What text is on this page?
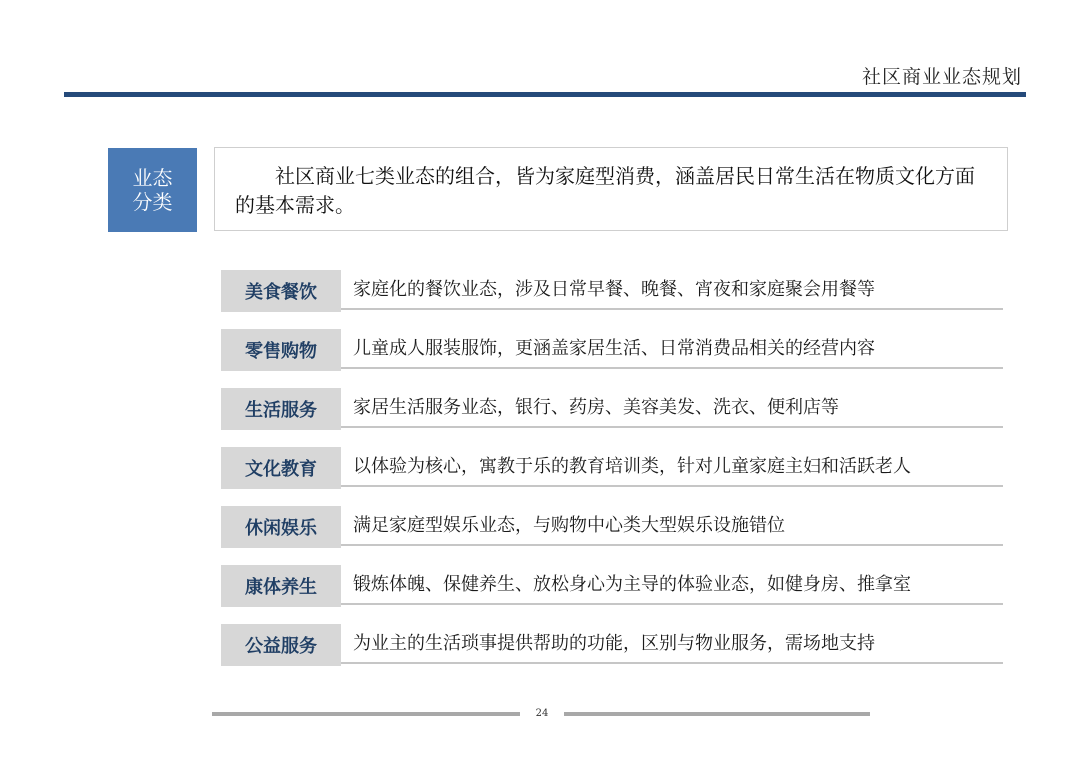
社区商业业态规划
业态
分类
社区商业七类业态的组合，皆为家庭型消费，涵盖居民日常生活在物质文化方面的基本需求。
美食餐饮	家庭化的餐饮业态，涉及日常早餐、晚餐、宵夜和家庭聚会用餐等
零售购物	儿童成人服装服饰，更涵盖家居生活、日常消费品相关的经营内容
生活服务	家居生活服务业态，银行、药房、美容美发、洗衣、便利店等
文化教育	以体验为核心，寓教于乐的教育培训类，针对儿童家庭主妇和活跃老人
休闲娱乐	满足家庭型娱乐业态，与购物中心类大型娱乐设施错位
康体养生	锻炼体魄、保健养生、放松身心为主导的体验业态，如健身房、推拿室
公益服务	为业主的生活琐事提供帮助的功能，区别与物业服务，需场地支持
24
